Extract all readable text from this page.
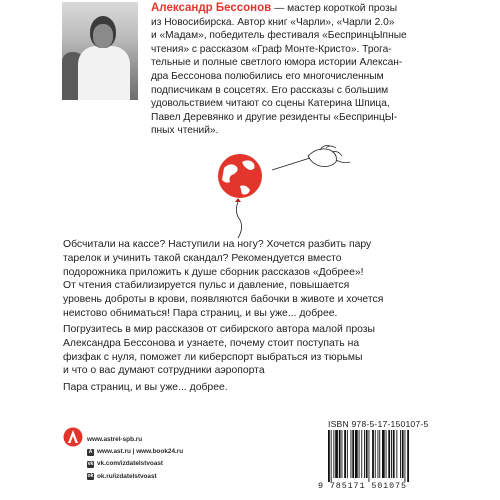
Александр Бессонов — мастер короткой прозы
из Новосибирска. Автор книг «Чарли», «Чарли 2.0»
и «Мадам», победитель фестиваля «БеспринцЫпные
чтения» с рассказом «Граф Монте-Кристо». Трога-
тельные и полные светлого юмора истории Алексан-
дра Бессонова полюбились его многочисленным
подписчикам в соцсетях. Его рассказы с большим
удовольствием читают со сцены Катерина Шпица,
Павел Деревянко и другие резиденты «БеспринцЫ-
пных чтений».
Обсчитали на кассе? Наступили на ногу? Хочется разбить пару
тарелок и учинить такой скандал? Рекомендуется вместо
подорожника приложить к душе сборник рассказов «Добрее»!
От чтения стабилизируется пульс и давление, повышается
уровень доброты в крови, появляются бабочки в животе и хочется
неистово обниматься! Пара страниц, и вы уже... добрее.
Погрузитесь в мир рассказов от сибирского автора малой прозы
Александра Бессонова и узнаете, почему стоит поступать на
физфак с нуля, поможет ли киберспорт выбраться из тюрьмы
и что о вас думают сотрудники аэропорта
Пара страниц, и вы уже... добрее.
www.astrel-spb.ru
А www.ast.ru | www.book24.ru
vk vk.com/izdatelstvoast
ok ok.ru/izdatelstvoast
ISBN 978-5-17-150107-5
9 785171 501075
